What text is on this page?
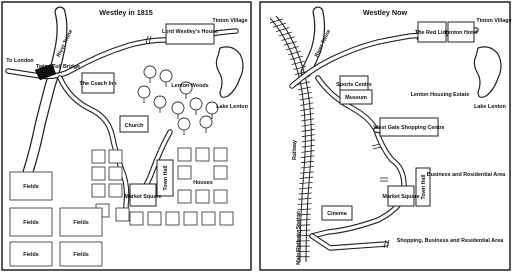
Westley in 1815
Tinton Village
Lord Westley's House
River Twine
To London
Twine Toll Bridge
The Coach Inn	Lenton Woods
Lake Lenton
Church
Market Square
Town Hall	Houses
Fields
Fields	Fields
Fields	Fields
Westley Now
Tinton Village
River Twine	The Red Lion
Lenton Hotel
Sports Centre
Museum	Lenton Housing Estate
Lake Lenton
West Gate Shopping Centre
Railway
Business and Residential Area
Market Square Town Hall
Cinema
Main Railway Station	Shopping, Business and Residential Area
